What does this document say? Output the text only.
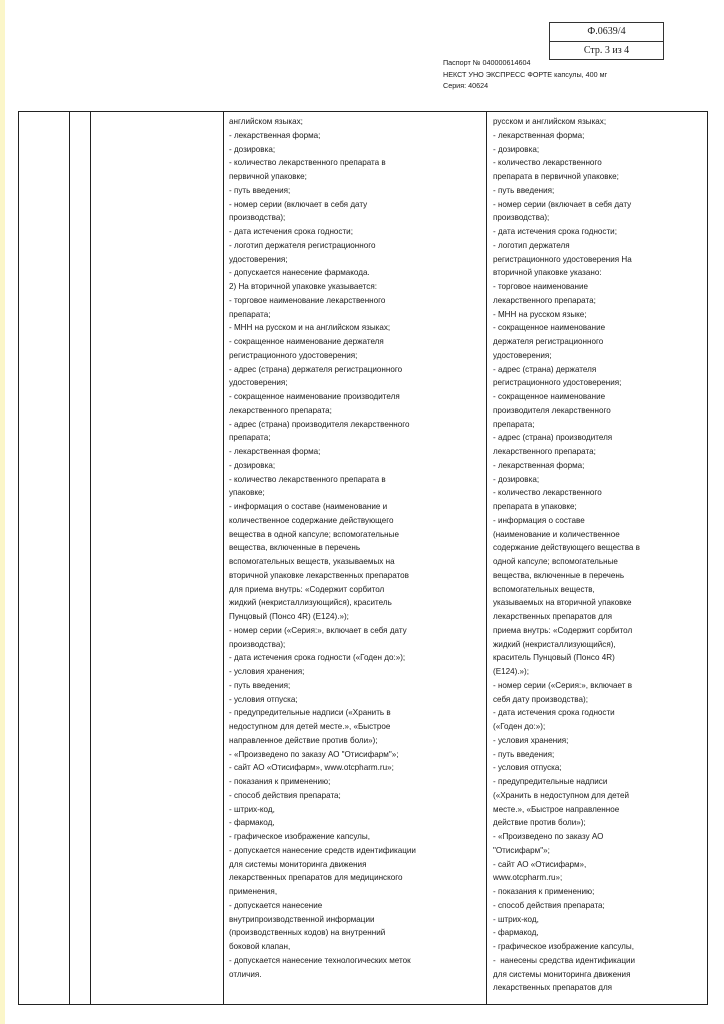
Ф.0639/4
Стр. 3 из 4
Паспорт № 040000614604
НЕКСТ УНО ЭКСПРЕСС ФОРТЕ капсулы, 400 мг
Серия: 40624
английском языках;
- лекарственная форма;
- дозировка;
- количество лекарственного препарата в
первичной упаковке;
- путь введения;
- номер серии (включает в себя дату
производства);
- дата истечения срока годности;
- логотип держателя регистрационного
удостоверения;
- допускается нанесение фармакода.
2) На вторичной упаковке указывается:
- торговое наименование лекарственного
препарата;
- МНН на русском и на английском языках;
- сокращенное наименование держателя
регистрационного удостоверения;
- адрес (страна) держателя регистрационного
удостоверения;
- сокращенное наименование производителя
лекарственного препарата;
- адрес (страна) производителя лекарственного
препарата;
- лекарственная форма;
- дозировка;
- количество лекарственного препарата в
упаковке;
- информация о составе (наименование и
количественное содержание действующего
вещества в одной капсуле; вспомогательные
вещества, включенные в перечень
вспомогательных веществ, указываемых на
вторичной упаковке лекарственных препаратов
для приема внутрь: «Содержит сорбитол
жидкий (некристаллизующийся), краситель
Пунцовый (Понсо 4R) (Е124).»);
- номер серии («Серия:», включает в себя дату
производства);
- дата истечения срока годности («Годен до:»);
- условия хранения;
- путь введения;
- условия отпуска;
- предупредительные надписи («Хранить в
недоступном для детей месте.», «Быстрое
направленное действие против боли»);
- «Произведено по заказу АО "Отисифарм"»;
- сайт АО «Отисифарм», www.otcpharm.ru»;
- показания к применению;
- способ действия препарата;
- штрих-код,
- фармакод,
- графическое изображение капсулы,
- допускается нанесение средств идентификации
для системы мониторинга движения
лекарственных препаратов для медицинского
применения,
- допускается нанесение
внутрипроизводственной информации
(производственных кодов) на внутренний
боковой клапан,
- допускается нанесение технологических меток
отличия.
русском и английском языках;
- лекарственная форма;
- дозировка;
- количество лекарственного
препарата в первичной упаковке;
- путь введения;
- номер серии (включает в себя дату
производства);
- дата истечения срока годности;
- логотип держателя
регистрационного удостоверения На
вторичной упаковке указано:
- торговое наименование
лекарственного препарата;
- МНН на русском языке;
- сокращенное наименование
держателя регистрационного
удостоверения;
- адрес (страна) держателя
регистрационного удостоверения;
- сокращенное наименование
производителя лекарственного
препарата;
- адрес (страна) производителя
лекарственного препарата;
- лекарственная форма;
- дозировка;
- количество лекарственного
препарата в упаковке;
- информация о составе
(наименование и количественное
содержание действующего вещества в
одной капсуле; вспомогательные
вещества, включенные в перечень
вспомогательных веществ,
указываемых на вторичной упаковке
лекарственных препаратов для
приема внутрь: «Содержит сорбитол
жидкий (некристаллизующийся),
краситель Пунцовый (Понсо 4R)
(Е124).»);
- номер серии («Серия:», включает в
себя дату производства);
- дата истечения срока годности
(«Годен до:»);
- условия хранения;
- путь введения;
- условия отпуска;
- предупредительные надписи
(«Хранить в недоступном для детей
месте.», «Быстрое направленное
действие против боли»);
- «Произведено по заказу АО
"Отисифарм"»;
- сайт АО «Отисифарм»,
www.otcpharm.ru»;
- показания к применению;
- способ действия препарата;
- штрих-код,
- фармакод,
- графическое изображение капсулы,
-  нанесены средства идентификации
для системы мониторинга движения
лекарственных препаратов для
